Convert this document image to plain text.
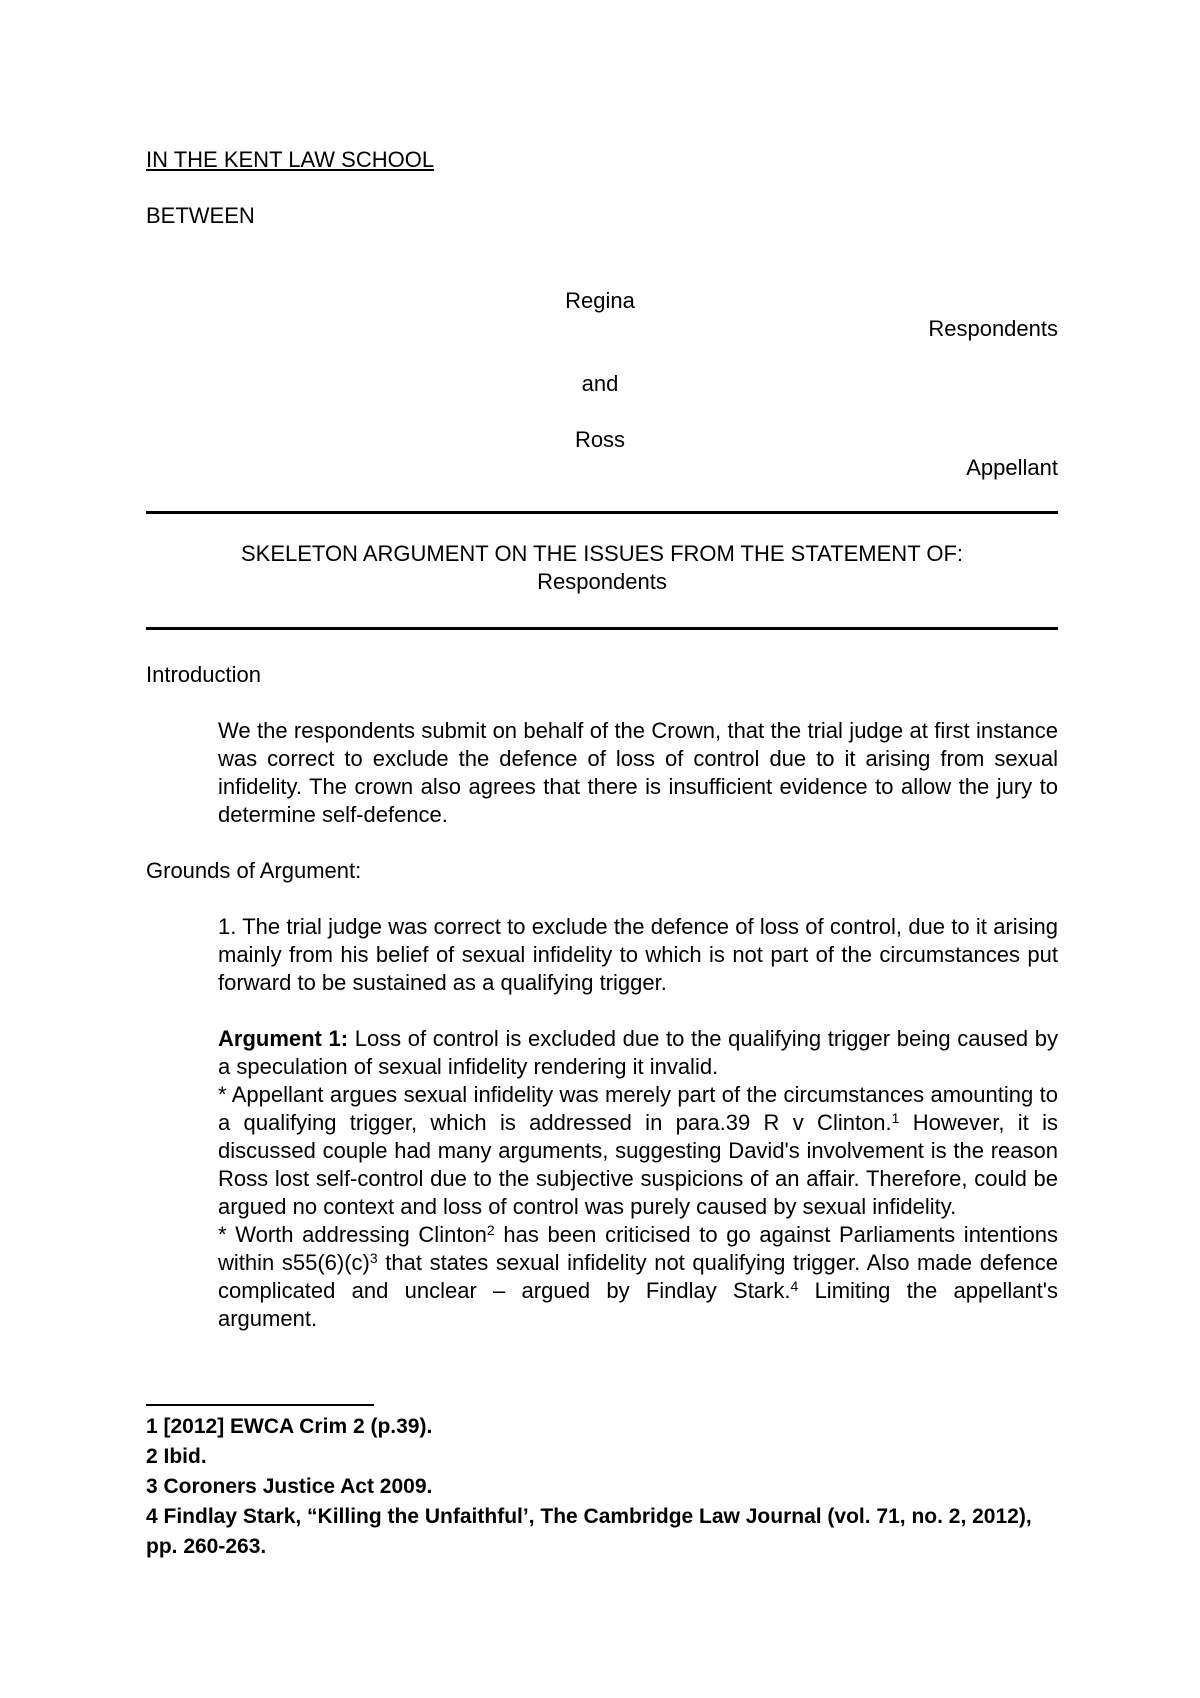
IN THE KENT LAW SCHOOL
BETWEEN
Regina
Respondents
and
Ross
Appellant
SKELETON ARGUMENT ON THE ISSUES FROM THE STATEMENT OF:
Respondents
Introduction

We the respondents submit on behalf of the Crown, that the trial judge at first instance was correct to exclude the defence of loss of control due to it arising from sexual infidelity. The crown also agrees that there is insufficient evidence to allow the jury to determine self-defence.

Grounds of Argument:

1. The trial judge was correct to exclude the defence of loss of control, due to it arising mainly from his belief of sexual infidelity to which is not part of the circumstances put forward to be sustained as a qualifying trigger.

Argument 1: Loss of control is excluded due to the qualifying trigger being caused by a speculation of sexual infidelity rendering it invalid.

* Appellant argues sexual infidelity was merely part of the circumstances amounting to a qualifying trigger, which is addressed in para.39 R v Clinton.$^1$ However, it is discussed couple had many arguments, suggesting David's involvement is the reason Ross lost self-control due to the subjective suspicions of an affair. Therefore, could be argued no context and loss of control was purely caused by sexual infidelity.

* Worth addressing Clinton$^2$ has been criticised to go against Parliaments intentions within $s55(6)(c)^3$ that states sexual infidelity not qualifying trigger. Also made defence complicated and unclear – argued by Findlay Stark.$^4$ Limiting the appellant's argument.

1 [2012] EWCA Crim 2 (p.39).
2 Ibid.
3 Coroners Justice Act 2009.
4 Findlay Stark, “Killing the Unfaithful’, The Cambridge Law Journal (vol. 71, no. 2, 2012), pp. 260-263.
